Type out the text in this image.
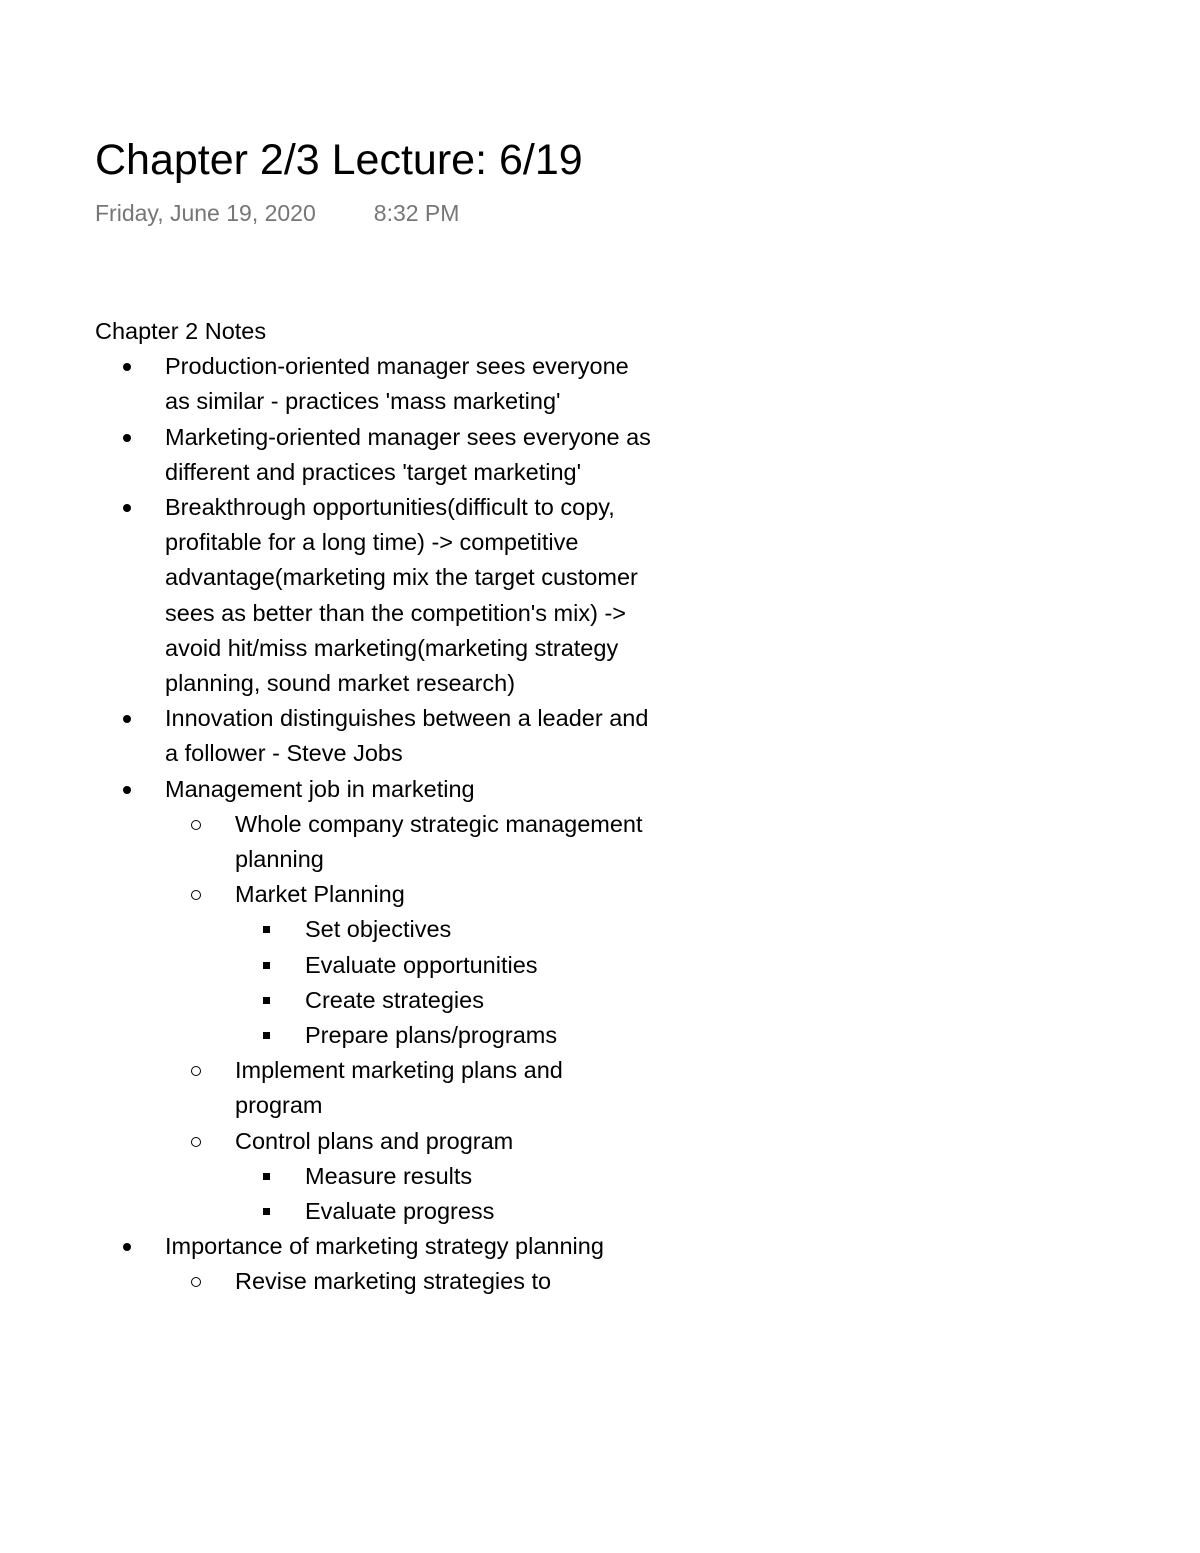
Chapter 2/3 Lecture: 6/19
Friday, June 19, 2020	8:32 PM

Chapter 2 Notes

Production-oriented manager sees everyone as similar - practices 'mass marketing'
Marketing-oriented manager sees everyone as different and practices 'target marketing'
Breakthrough opportunities(difficult to copy, profitable for a long time) -> competitive advantage(marketing mix the target customer sees as better than the competition's mix) -> avoid hit/miss marketing(marketing strategy planning, sound market research)
Innovation distinguishes between a leader and a follower - Steve Jobs
Management job in marketing
Whole company strategic management planning
Market Planning
Set objectives
Evaluate opportunities
Create strategies
Prepare plans/programs
Implement marketing plans and program
Control plans and program
Measure results
Evaluate progress
Importance of marketing strategy planning
Revise marketing strategies to
